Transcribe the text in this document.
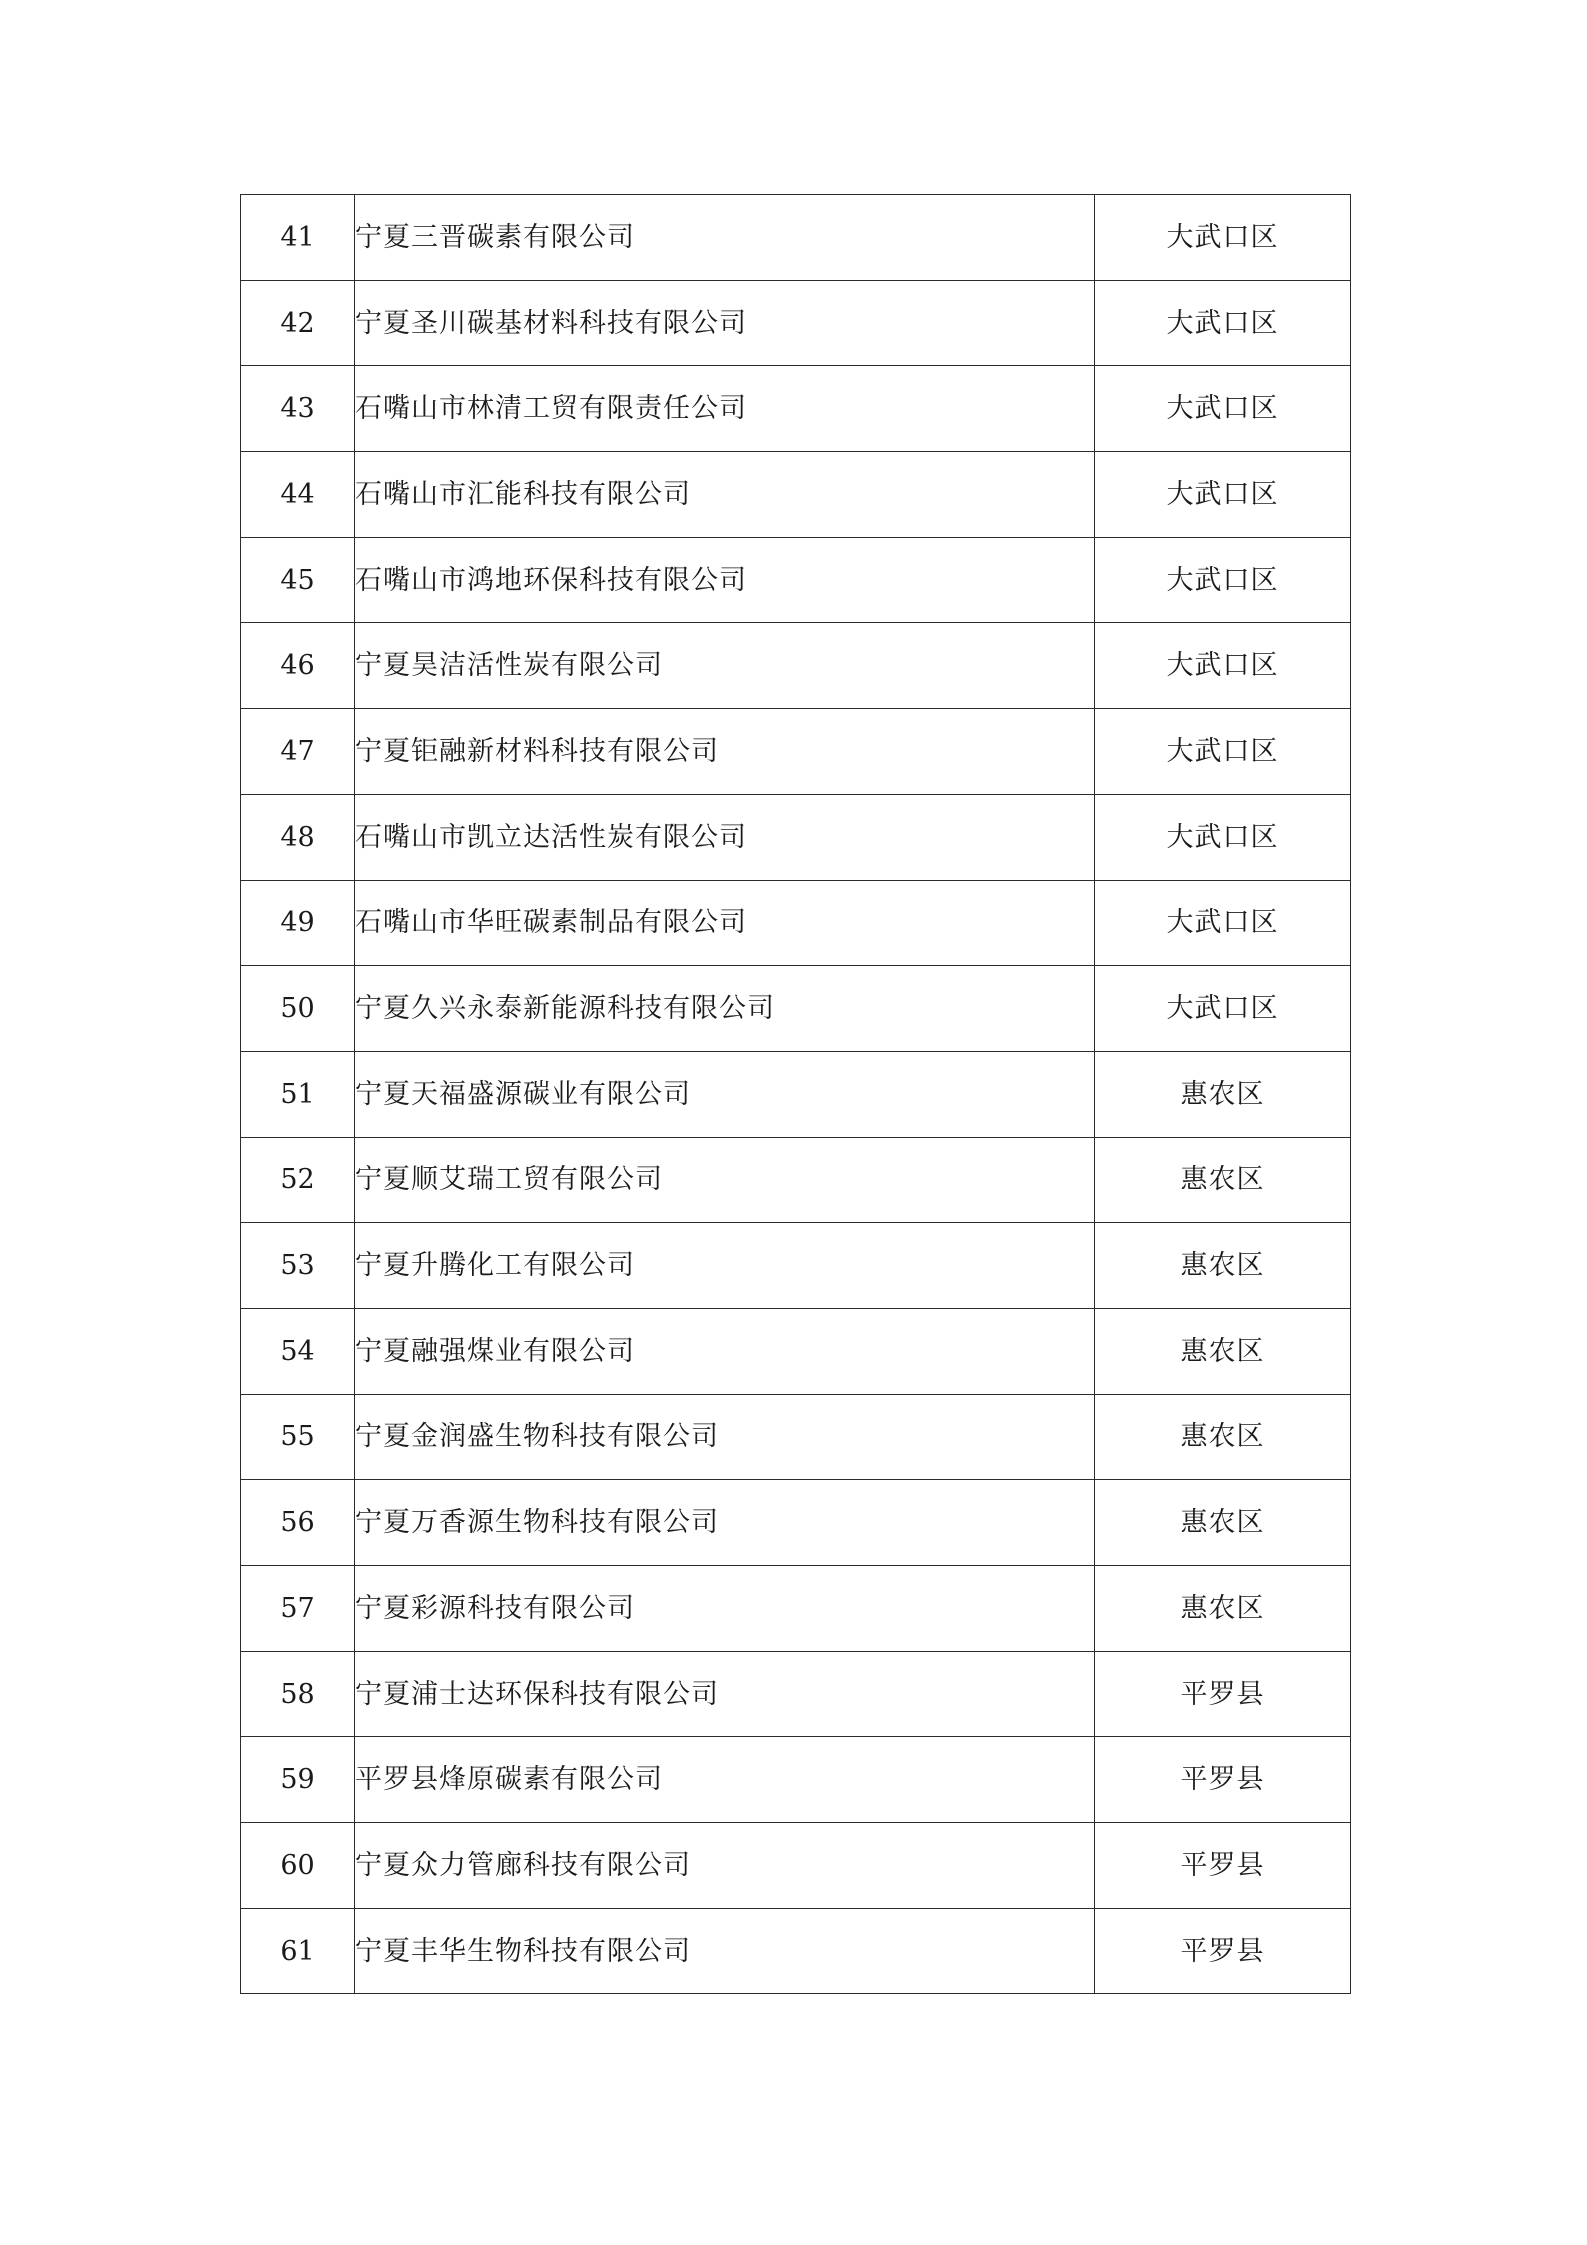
41	宁夏三晋碳素有限公司	大武口区
42	宁夏圣川碳基材料科技有限公司	大武口区
43	石嘴山市林清工贸有限责任公司	大武口区
44	石嘴山市汇能科技有限公司	大武口区
45	石嘴山市鸿地环保科技有限公司	大武口区
46	宁夏昊洁活性炭有限公司	大武口区
47	宁夏钜融新材料科技有限公司	大武口区
48	石嘴山市凯立达活性炭有限公司	大武口区
49	石嘴山市华旺碳素制品有限公司	大武口区
50	宁夏久兴永泰新能源科技有限公司	大武口区
51	宁夏天福盛源碳业有限公司	惠农区
52	宁夏顺艾瑞工贸有限公司	惠农区
53	宁夏升腾化工有限公司	惠农区
54	宁夏融强煤业有限公司	惠农区
55	宁夏金润盛生物科技有限公司	惠农区
56	宁夏万香源生物科技有限公司	惠农区
57	宁夏彩源科技有限公司	惠农区
58	宁夏浦士达环保科技有限公司	平罗县
59	平罗县烽原碳素有限公司	平罗县
60	宁夏众力管廊科技有限公司	平罗县
61	宁夏丰华生物科技有限公司	平罗县
